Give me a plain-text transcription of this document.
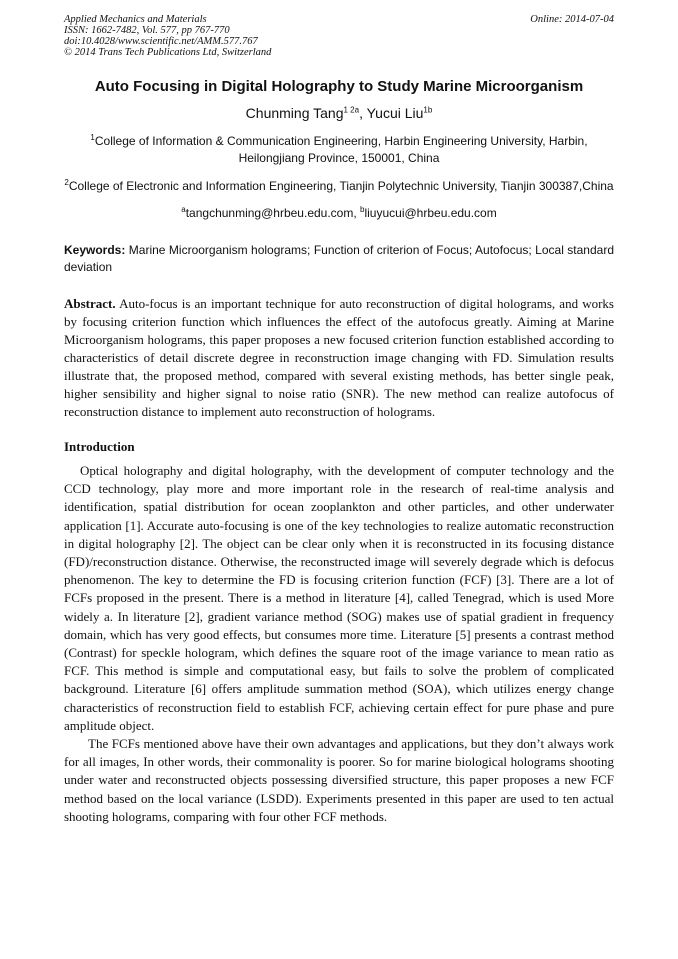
Applied Mechanics and Materials
ISSN: 1662-7482, Vol. 577, pp 767-770
doi:10.4028/www.scientific.net/AMM.577.767
© 2014 Trans Tech Publications Ltd, Switzerland
Online: 2014-07-04
Auto Focusing in Digital Holography to Study Marine Microorganism
Chunming Tang$^{1 2a}$, Yucui Liu$^{1b}$
$^1$College of Information & Communication Engineering, Harbin Engineering University, Harbin, Heilongjiang Province, 150001, China
$^2$College of Electronic and Information Engineering, Tianjin Polytechnic University, Tianjin 300387,China
$^a$tangchunming@hrbeu.edu.com, $^b$liuyucui@hrbeu.edu.com
Keywords: Marine Microorganism holograms; Function of criterion of Focus; Autofocus; Local standard deviation
Abstract. Auto-focus is an important technique for auto reconstruction of digital holograms, and works by focusing criterion function which influences the effect of the autofocus greatly. Aiming at Marine Microorganism holograms, this paper proposes a new focused criterion function established according to characteristics of detail discrete degree in reconstruction image changing with FD. Simulation results illustrate that, the proposed method, compared with several existing methods, has better single peak, higher sensibility and higher signal to noise ratio (SNR). The new method can realize autofocus of reconstruction distance to implement auto reconstruction of holograms.
Introduction
Optical holography and digital holography, with the development of computer technology and the CCD technology, play more and more important role in the research of real-time analysis and identification, spatial distribution for ocean zooplankton and other particles, and other underwater application [1]. Accurate auto-focusing is one of the key technologies to realize automatic reconstruction in digital holography [2]. The object can be clear only when it is reconstructed in its focusing distance (FD)/reconstruction distance. Otherwise, the reconstructed image will severely degrade which is defocus phenomenon. The key to determine the FD is focusing criterion function (FCF) [3]. There are a lot of FCFs proposed in the present. There is a method in literature [4], called Tenegrad, which is used More widely a. In literature [2], gradient variance method (SOG) makes use of spatial gradient in frequency domain, which has very good effects, but consumes more time. Literature [5] presents a contrast method (Contrast) for speckle hologram, which defines the square root of the image variance to mean ratio as FCF. This method is simple and computational easy, but fails to solve the problem of complicated background. Literature [6] offers amplitude summation method (SOA), which utilizes energy change characteristics of reconstruction field to establish FCF, achieving certain effect for pure phase and pure amplitude object.
The FCFs mentioned above have their own advantages and applications, but they don’t always work for all images, In other words, their commonality is poorer. So for marine biological holograms shooting under water and reconstructed objects possessing diversified structure, this paper proposes a new FCF method based on the local variance (LSDD). Experiments presented in this paper are used to ten actual shooting holograms, comparing with four other FCF methods.
